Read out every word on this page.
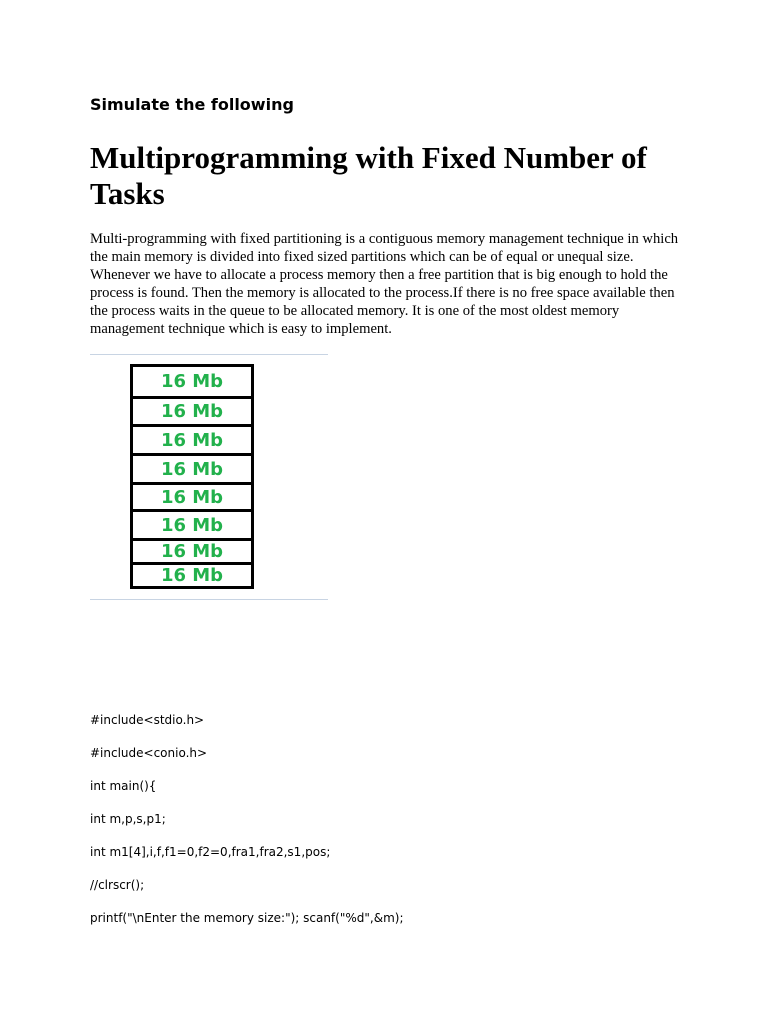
Simulate the following
Multiprogramming with Fixed Number of Tasks

Multi-programming with fixed partitioning is a contiguous memory management technique in which the main memory is divided into fixed sized partitions which can be of equal or unequal size. Whenever we have to allocate a process memory then a free partition that is big enough to hold the process is found. Then the memory is allocated to the process.If there is no free space available then the process waits in the queue to be allocated memory. It is one of the most oldest memory management technique which is easy to implement.

16 Mb
16 Mb
16 Mb
16 Mb
16 Mb
16 Mb
16 Mb
16 Mb
#include<stdio.h>
#include<conio.h>
int main(){
int m,p,s,p1;
int m1[4],i,f,f1=0,f2=0,fra1,fra2,s1,pos;
//clrscr();
printf("\nEnter the memory size:"); scanf("%d",&m);
